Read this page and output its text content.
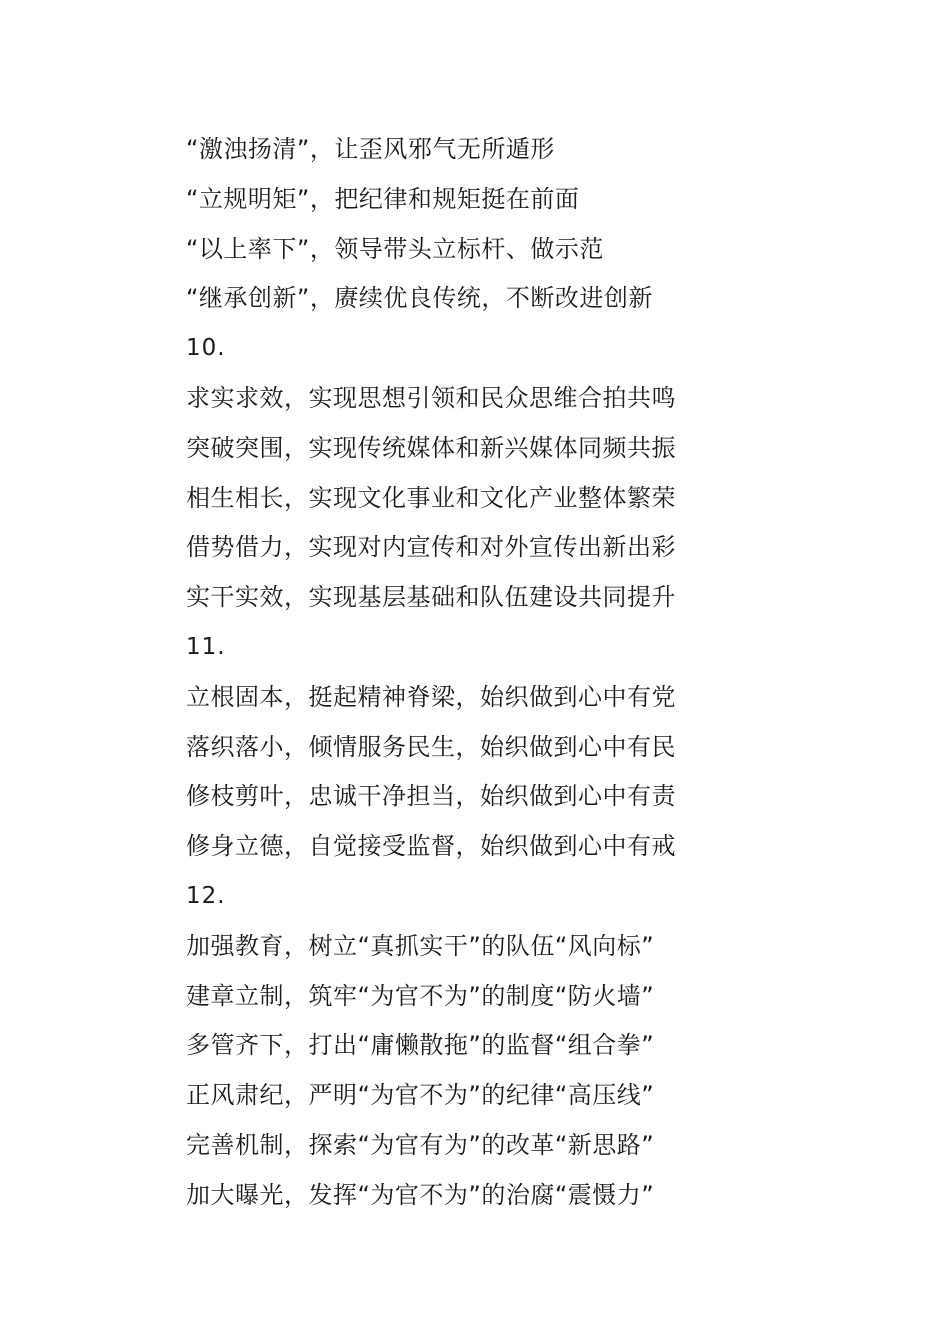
“激浊扬清”，让歪风邪气无所遁形
“立规明矩”，把纪律和规矩挺在前面
“以上率下”，领导带头立标杆、做示范
“继承创新”，赓续优良传统，不断改进创新
10.
求实求效，实现思想引领和民众思维合拍共鸣
突破突围，实现传统媒体和新兴媒体同频共振
相生相长，实现文化事业和文化产业整体繁荣
借势借力，实现对内宣传和对外宣传出新出彩
实干实效，实现基层基础和队伍建设共同提升
11.
立根固本，挺起精神脊梁，始织做到心中有党
落织落小，倾情服务民生，始织做到心中有民
修枝剪叶，忠诚干净担当，始织做到心中有责
修身立德，自觉接受监督，始织做到心中有戒
12.
加强教育，树立“真抓实干”的队伍“风向标”
建章立制，筑牢“为官不为”的制度“防火墙”
多管齐下，打出“庸懒散拖”的监督“组合拳”
正风肃纪，严明“为官不为”的纪律“高压线”
完善机制，探索“为官有为”的改革“新思路”
加大曝光，发挥“为官不为”的治腐“震慑力”
